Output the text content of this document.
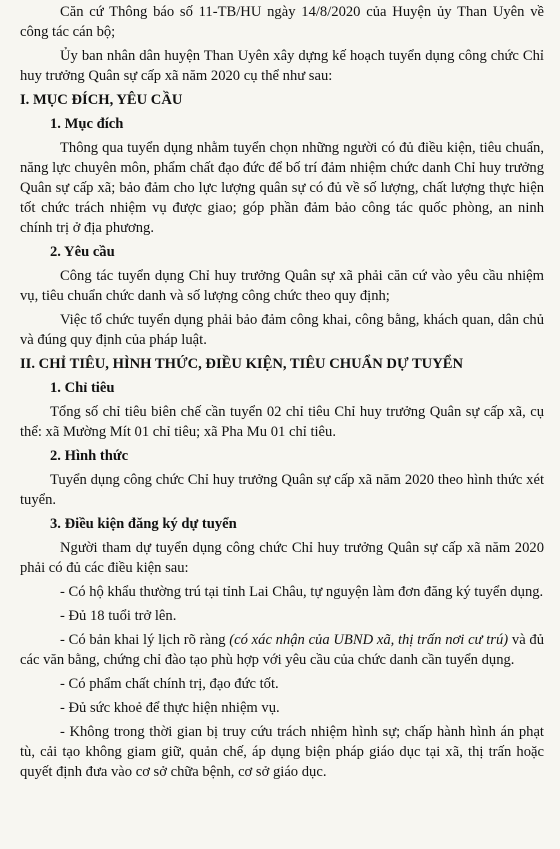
Căn cứ Thông báo số 11-TB/HU ngày 14/8/2020 của Huyện ủy Than Uyên về công tác cán bộ;

Ủy ban nhân dân huyện Than Uyên xây dựng kế hoạch tuyển dụng công chức Chỉ huy trưởng Quân sự cấp xã năm 2020 cụ thể như sau:

I. MỤC ĐÍCH, YÊU CẦU
1. Mục đích

Thông qua tuyển dụng nhằm tuyển chọn những người có đủ điều kiện, tiêu chuẩn, năng lực chuyên môn, phẩm chất đạo đức để bố trí đảm nhiệm chức danh Chỉ huy trưởng Quân sự cấp xã; bảo đảm cho lực lượng quân sự có đủ về số lượng, chất lượng thực hiện tốt chức trách nhiệm vụ được giao; góp phần đảm bảo công tác quốc phòng, an ninh chính trị ở địa phương.

2. Yêu cầu

Công tác tuyển dụng Chỉ huy trưởng Quân sự xã phải căn cứ vào yêu cầu nhiệm vụ, tiêu chuẩn chức danh và số lượng công chức theo quy định;

Việc tổ chức tuyển dụng phải bảo đảm công khai, công bằng, khách quan, dân chủ và đúng quy định của pháp luật.

II. CHỈ TIÊU, HÌNH THỨC, ĐIỀU KIỆN, TIÊU CHUẨN DỰ TUYỂN
1. Chỉ tiêu

Tổng số chỉ tiêu biên chế cần tuyển 02 chỉ tiêu Chỉ huy trưởng Quân sự cấp xã, cụ thể: xã Mường Mít 01 chỉ tiêu; xã Pha Mu 01 chỉ tiêu.

2. Hình thức

Tuyển dụng công chức Chỉ huy trưởng Quân sự cấp xã năm 2020 theo hình thức xét tuyển.

3. Điều kiện đăng ký dự tuyển

Người tham dự tuyển dụng công chức Chỉ huy trưởng Quân sự cấp xã năm 2020 phải có đủ các điều kiện sau:

- Có hộ khẩu thường trú tại tỉnh Lai Châu, tự nguyện làm đơn đăng ký tuyển dụng.

- Đủ 18 tuổi trở lên.

- Có bản khai lý lịch rõ ràng (có xác nhận của UBND xã, thị trấn nơi cư trú) và đủ các văn bằng, chứng chỉ đào tạo phù hợp với yêu cầu của chức danh cần tuyển dụng.

- Có phẩm chất chính trị, đạo đức tốt.

- Đủ sức khoẻ để thực hiện nhiệm vụ.

- Không trong thời gian bị truy cứu trách nhiệm hình sự; chấp hành hình án phạt tù, cải tạo không giam giữ, quản chế, áp dụng biện pháp giáo dục tại xã, thị trấn hoặc quyết định đưa vào cơ sở chữa bệnh, cơ sở giáo dục.
